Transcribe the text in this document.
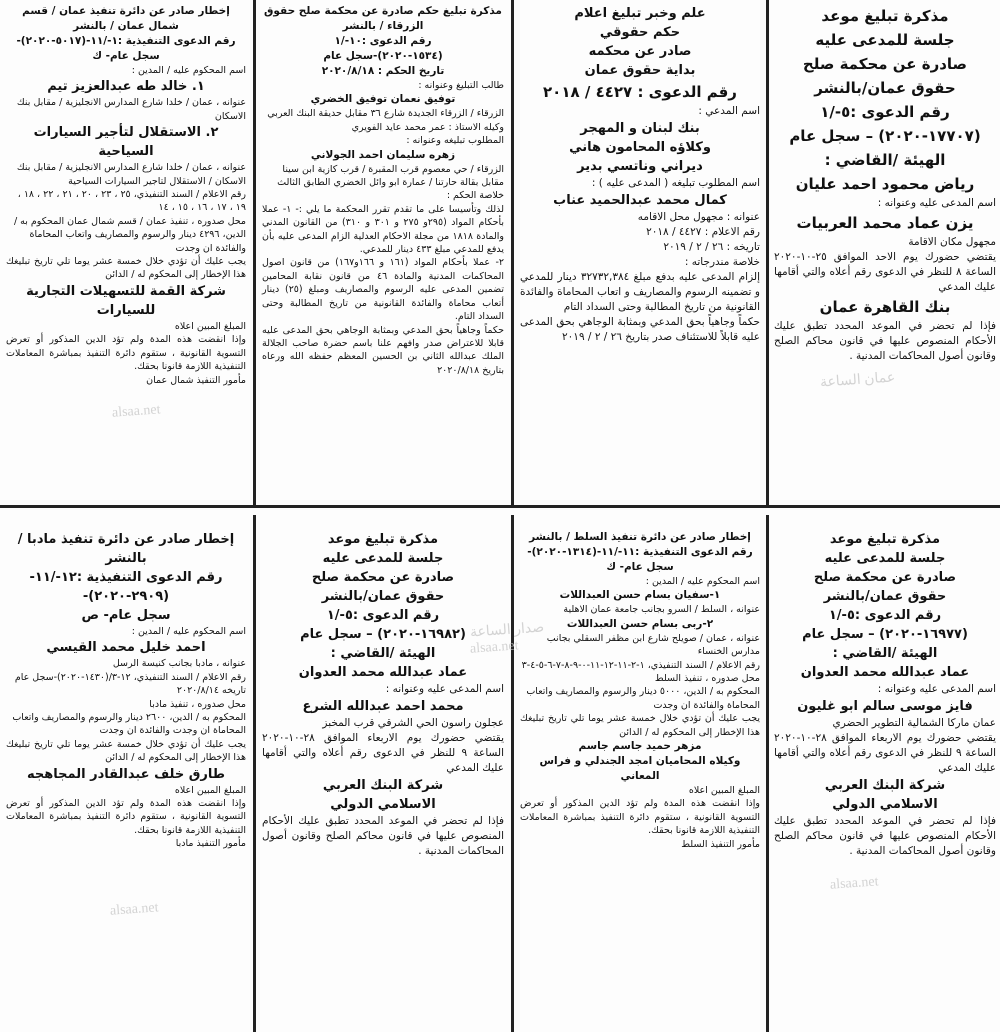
مذكرة تبليغ موعد
جلسة للمدعى عليه
صادرة عن محكمة صلح
حقوق عمان/بالنشر
رقم الدعوى :٥-/١
(١٧٧٠٧-٢٠٢٠) – سجل عام
الهيئة /القاضي :
رياض محمود احمد عليان
اسم المدعى عليه وعنوانه :
يزن عماد محمد العربيات
مجهول مكان الاقامة
يقتضي حضورك يوم الاحد الموافق ٢٥-١٠-٢٠٢٠ الساعة ٨ للنظر في الدعوى رقم أعلاه والتي أقامها عليك المدعي
بنك القاهرة عمان
فإذا لم تحضر في الموعد المحدد تطبق عليك الأحكام المنصوص عليها في قانون محاكم الصلح وقانون أصول المحاكمات المدنية .
علم وخبر تبليغ اعلام
حكم حقوقي
صادر عن محكمه
بداية حقوق عمان
رقم الدعوى : ٤٤٢٧ / ٢٠١٨
اسم المدعي :
بنك لبنان و المهجر
وكلاؤه المحامون هاني
ديراني وناتسي بدير
اسم المطلوب تبليغه ( المدعى عليه ) :
كمال محمد عبدالحميد عناب
عنوانه : مجهول محل الاقامه
رقم الاعلام : ٤٤٢٧ / ٢٠١٨
تاريخه : ٢٦ / ٢ / ٢٠١٩
خلاصة مندرجاته :
إلزام المدعى عليه بدفع مبلغ ٣٢٧٣٢,٣٨٤ دينار للمدعي و تضمينه الرسوم والمصاريف و اتعاب المحاماة والفائدة القانونية من تاريخ المطالبة وحتى السداد التام
حكماً وجاهياً بحق المدعي وبمثابة الوجاهي بحق المدعى عليه قابلاً للاستئناف صدر بتاريخ ٢٦ / ٢ / ٢٠١٩
مذكرة تبليغ حكم صادرة عن محكمة صلح حقوق الزرقاء / بالنشر
رقم الدعوى :١٠-/١
(١٥٣٤-٢٠٢٠)-سجل عام
تاريخ الحكم : ٢٠٢٠/٨/١٨
طالب التبليغ وعنوانه :
توفيق نعمان توفيق الخضري
الزرقاء / الزرقاء الجديدة شارع ٣٦ مقابل حديقة البنك العربي
وكيله الاستاذ : عمر محمد عايد الفويري
المطلوب تبليغه وعنوانه :
زهره سليمان احمد الجولاني
الزرقاء / حي معصوم قرب المقبرة / قرب كازية ابن سينا مقابل بقالة حارتنا / عمارة ابو وائل الخضري الطابق الثالث
خلاصة الحكم :
لذلك وتأسيسا على ما تقدم تقرر المحكمة ما يلي :- ١- عملا بأحكام المواد (٢٩٥و ٢٧٥ و ٣٠١ و ٣١٠) من القانون المدني والمادة ١٨١٨ من مجلة الاحكام العدلية الزام المدعى عليه بأن يدفع للمدعي مبلغ ٤٣٣ دينار للمدعي.
٢- عملا بأحكام المواد (١٦١ و ١٦٦و١٦٧) من قانون اصول المحاكمات المدنية والمادة ٤٦ من قانون نقابة المحامين تضمين المدعى عليه الرسوم والمصاريف ومبلغ (٢٥) دينار أتعاب محاماة والفائدة القانونية من تاريخ المطالبة وحتى السداد التام.
حكماً وجاهياً بحق المدعي وبمثابة الوجاهي بحق المدعى عليه قابلا للاعتراض صدر وافهم علنا باسم حضرة صاحب الجلالة الملك عبدالله الثاني بن الحسين المعظم حفظه الله ورعاه بتاريخ ٢٠٢٠/٨/١٨
إخطار صادر عن دائرة تنفيذ عمان / قسم شمال عمان / بالنشر
رقم الدعوى التنفيذية :١-/١١-(٥٠١٧-٢٠٢٠)- سجل عام- ك
اسم المحكوم عليه / المدين :
١. خالد طه عبدالعزيز تيم
عنوانه ، عمان / خلدا شارع المدارس الانجليزية / مقابل بنك الاسكان
٢. الاستقلال لتأجير السيارات السياحية
عنوانه ، عمان / خلدا شارع المدارس الانجليزية / مقابل بنك الاسكان / الاستقلال لتاجير السيارات السياحية
رقم الاعلام / السند التنفيذي، ٢٥ ، ٢٣ ، ٢٠ ، ٢١ ، ٢٢ ، ١٨ ، ١٩ ، ١٧ ، ١٦ ، ١٥ ، ١٤
محل صدوره ، تنفيذ عمان / قسم شمال عمان المحكوم به / الدين، ٤٢٩٦ دينار والرسوم والمصاريف واتعاب المحاماة والفائدة ان وجدت
يجب عليك أن تؤدي خلال خمسة عشر يوما تلي تاريخ تبليغك هذا الإخطار إلى المحكوم له / الدائن
شركة القمة للتسهيلات التجارية للسيارات
المبلغ المبين اعلاه
وإذا انقضت هذه المدة ولم تؤد الدين المذكور أو تعرض التسوية القانونية ، ستقوم دائرة التنفيذ بمباشرة المعاملات التنفيذية اللازمة قانونا بحقك.
مأمور التنفيذ شمال عمان
مذكرة تبليغ موعد
جلسة للمدعى عليه
صادرة عن محكمة صلح
حقوق عمان/بالنشر
رقم الدعوى :٥-/١
(١٦٩٧٧-٢٠٢٠) – سجل عام
الهيئة /القاضي :
عماد عبدالله محمد العدوان
اسم المدعى عليه وعنوانه :
فايز موسى سالم ابو غليون
عمان ماركا الشمالية التطوير الحضري
يقتضي حضورك يوم الاربعاء الموافق ٢٨-١٠-٢٠٢٠ الساعة ٩ للنظر في الدعوى رقم أعلاه والتي أقامها عليك المدعي
شركة البنك العربي
الاسلامي الدولي
فإذا لم تحضر في الموعد المحدد تطبق عليك الأحكام المنصوص عليها في قانون محاكم الصلح وقانون أصول المحاكمات المدنية .
إخطار صادر عن دائرة تنفيذ السلط / بالنشر
رقم الدعوى التنفيذية :١١-/١١-(١٣١٤-٢٠٢٠)- سجل عام- ك
اسم المحكوم عليه / المدين :
١-سفيان بسام حسن العبداللات
عنوانه ، السلط / السرو بجانب جامعة عمان الاهلية
٢-ربى بسام حسن العبداللات
عنوانه ، عمان / صويلح شارع ابن مظفر السقلي بجانب مدارس الخنساء
رقم الاعلام / السند التنفيذي، ١-٢-١١-١٢-١١-٠-٩-٨-٧-٦-٥-٤-٣
محل صدوره ، تنفيذ السلط
المحكوم به / الدين، ٥٠٠٠ دينار والرسوم والمصاريف واتعاب المحاماة والفائدة ان وجدت
يجب عليك أن تؤدي خلال خمسة عشر يوما تلي تاريخ تبليغك هذا الإخطار إلى المحكوم له / الدائن
مزهر حميد جاسم جاسم
وكيلاه المحاميان امجد الجندلي و فراس المعاني
المبلغ المبين اعلاه
وإذا انقضت هذه المدة ولم تؤد الدين المذكور أو تعرض التسوية القانونية ، ستقوم دائرة التنفيذ بمباشرة المعاملات التنفيذية اللازمة قانونا بحقك.
مأمور التنفيذ السلط
مذكرة تبليغ موعد
جلسة للمدعى عليه
صادرة عن محكمة صلح
حقوق عمان/بالنشر
رقم الدعوى :٥-/١
(١٦٩٨٢-٢٠٢٠) – سجل عام
الهيئة /القاضي :
عماد عبدالله محمد العدوان
اسم المدعى عليه وعنوانه :
محمد احمد عبدالله الشرع
عجلون راسون الحي الشرقي قرب المخبز
يقتضي حضورك يوم الاربعاء الموافق ٢٨-١٠-٢٠٢٠ الساعة ٩ للنظر في الدعوى رقم أعلاه والتي أقامها عليك المدعي
شركة البنك العربي
الاسلامي الدولي
فإذا لم تحضر في الموعد المحدد تطبق عليك الأحكام المنصوص عليها في قانون محاكم الصلح وقانون أصول المحاكمات المدنية .
إخطار صادر عن دائرة تنفيذ مادبا / بالنشر
رقم الدعوى التنفيذية :١٢-/١١-(٢٩٠٩-٢٠٢٠)-
سجل عام- ص
اسم المحكوم عليه / المدين :
احمد خليل محمد القيسي
عنوانه ، مادبا بجانب كنيسة الرسل
رقم الاعلام / السند التنفيذي، ١٢-٣/(١٤٣٠-٢٠٢٠)-سجل عام
تاريخه ٢٠٢٠/٨/١٤
محل صدوره ، تنفيذ مادبا
المحكوم به / الدين، ٢٦٠٠ دينار والرسوم والمصاريف واتعاب المحاماة ان وجدت والفائدة ان وجدت
يجب عليك أن تؤدي خلال خمسة عشر يوما تلي تاريخ تبليغك هذا الإخطار إلى المحكوم له / الدائن
طارق خلف عبدالقادر المجاهجه
المبلغ المبين اعلاه
وإذا انقضت هذه المدة ولم تؤد الدين المذكور أو تعرض التسوية القانونية ، ستقوم دائرة التنفيذ بمباشرة المعاملات التنفيذية اللازمة قانونا بحقك.
مأمور التنفيذ مادبا
عمان الساعة
alsaa.net
صدار الساعة
alsaa.net
alsaa.net
alsaa.net
